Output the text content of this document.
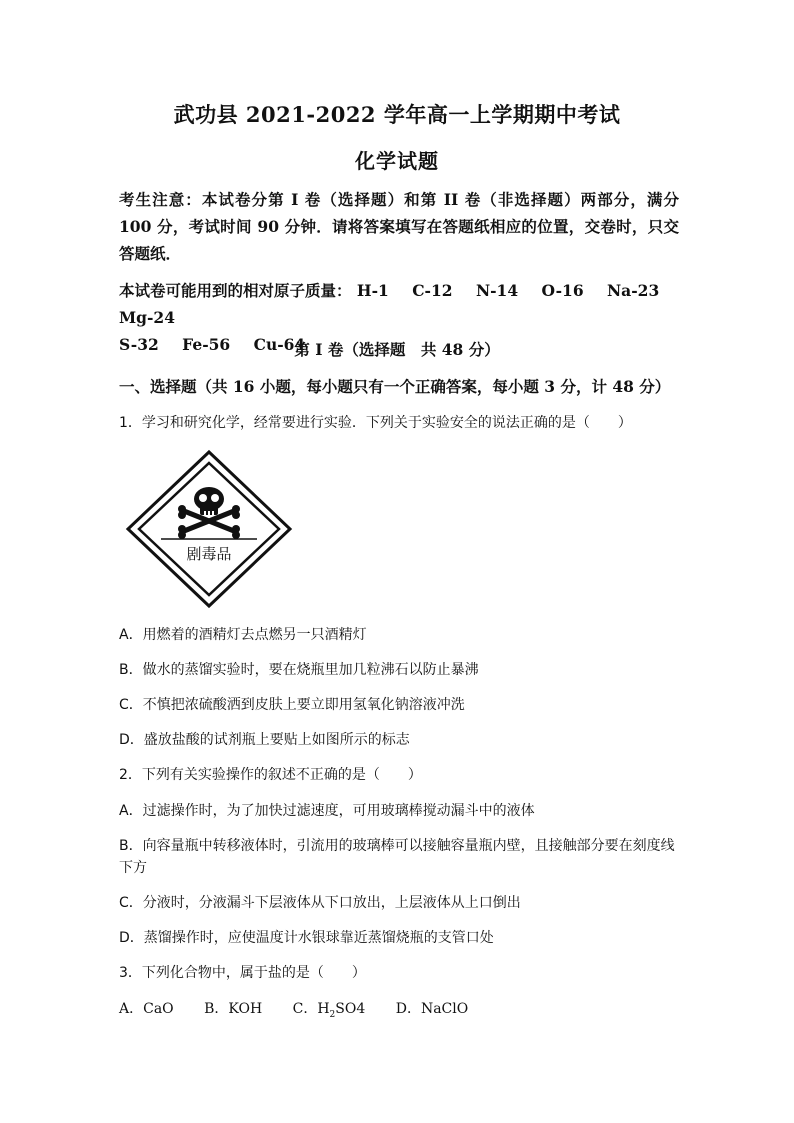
武功县 2021-2022 学年高一上学期期中考试
化学试题
考生注意：本试卷分第 I 卷（选择题）和第 II 卷（非选择题）两部分，满分 100 分，考试时间 90 分钟．请将答案填写在答题纸相应的位置，交卷时，只交答题纸．
本试卷可能用到的相对原子质量： H-1 C-12 N-14 O-16 Na-23 Mg-24
S-32 Fe-56 Cu-64
第 I 卷（选择题　共 48 分）
一、选择题（共 16 小题，每小题只有一个正确答案，每小题 3 分，计 48 分）
1．学习和研究化学，经常要进行实验．下列关于实验安全的说法正确的是（　　）
剧毒品
A．用燃着的酒精灯去点燃另一只酒精灯
B．做水的蒸馏实验时，要在烧瓶里加几粒沸石以防止暴沸
C．不慎把浓硫酸洒到皮肤上要立即用氢氧化钠溶液冲洗
D．盛放盐酸的试剂瓶上要贴上如图所示的标志
2．下列有关实验操作的叙述不正确的是（　　）
A．过滤操作时，为了加快过滤速度，可用玻璃棒搅动漏斗中的液体
B．向容量瓶中转移液体时，引流用的玻璃棒可以接触容量瓶内壁，且接触部分要在刻度线下方
C．分液时，分液漏斗下层液体从下口放出，上层液体从上口倒出
D．蒸馏操作时，应使温度计水银球靠近蒸馏烧瓶的支管口处
3．下列化合物中，属于盐的是（　　）
A．CaO B．KOH C．$H_2SO4$ D．NaClO
